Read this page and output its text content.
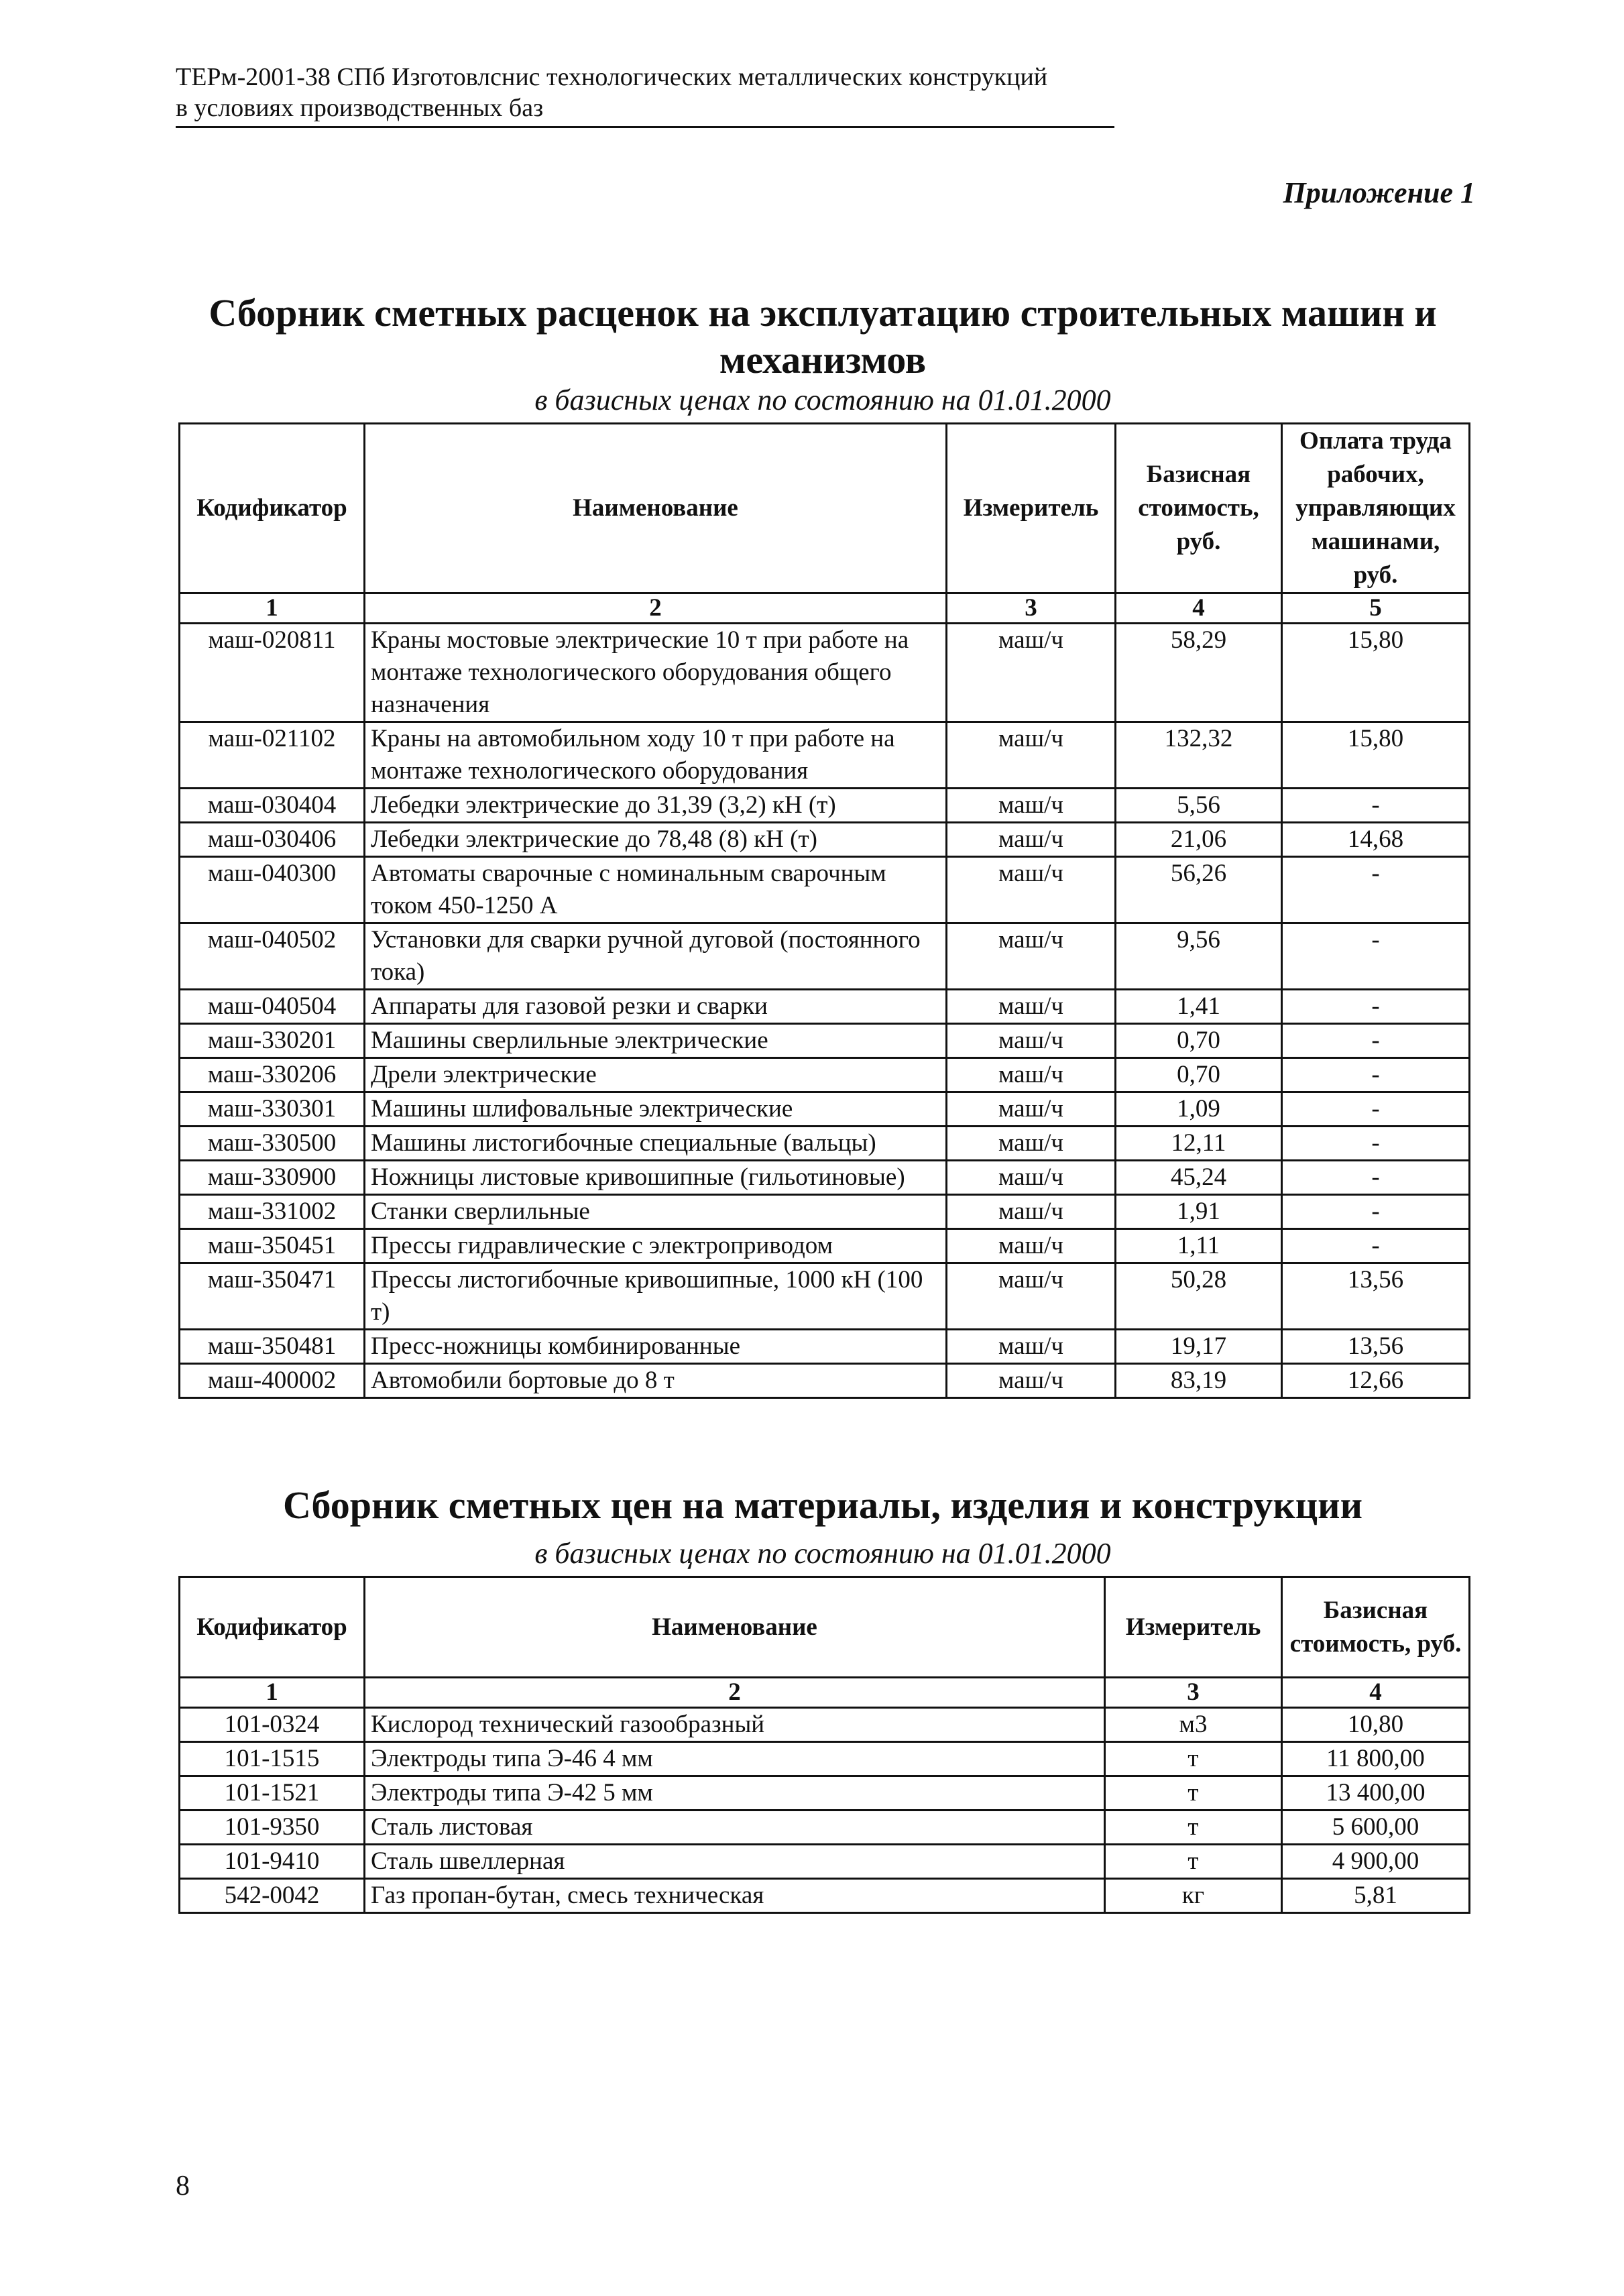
ТЕРм-2001-38 СПб Изготовлснис технологических металлических конструкций
в условиях производственных баз
Приложение 1
Сборник сметных расценок на эксплуатацию строительных машин и
механизмов
в базисных ценах по состоянию на 01.01.2000
Кодификатор	Наименование	Измеритель	Базисная стоимость, руб.	Оплата труда рабочих, управляющих машинами, руб.
1	2	3	4	5
маш-020811	Краны мостовые электрические 10 т при работе на монтаже технологического оборудования общего назначения	маш/ч	58,29	15,80
маш-021102	Краны на автомобильном ходу 10 т при работе на монтаже технологического оборудования	маш/ч	132,32	15,80
маш-030404	Лебедки электрические до 31,39 (3,2) кН (т)	маш/ч	5,56	-
маш-030406	Лебедки электрические до 78,48 (8) кН (т)	маш/ч	21,06	14,68
маш-040300	Автоматы сварочные с номинальным сварочным током 450-1250 А	маш/ч	56,26	-
маш-040502	Установки для сварки ручной дуговой (постоянного тока)	маш/ч	9,56	-
маш-040504	Аппараты для газовой резки и сварки	маш/ч	1,41	-
маш-330201	Машины сверлильные электрические	маш/ч	0,70	-
маш-330206	Дрели электрические	маш/ч	0,70	-
маш-330301	Машины шлифовальные электрические	маш/ч	1,09	-
маш-330500	Машины листогибочные специальные (вальцы)	маш/ч	12,11	-
маш-330900	Ножницы листовые кривошипные (гильотиновые)	маш/ч	45,24	-
маш-331002	Станки сверлильные	маш/ч	1,91	-
маш-350451	Прессы гидравлические с электроприводом	маш/ч	1,11	-
маш-350471	Прессы листогибочные кривошипные, 1000 кН (100 т)	маш/ч	50,28	13,56
маш-350481	Пресс-ножницы комбинированные	маш/ч	19,17	13,56
маш-400002	Автомобили бортовые до 8 т	маш/ч	83,19	12,66
Сборник сметных цен на материалы, изделия и конструкции
в базисных ценах по состоянию на 01.01.2000
Кодификатор	Наименование	Измеритель	Базисная стоимость, руб.
1	2	3	4
101-0324	Кислород технический газообразный	м3	10,80
101-1515	Электроды типа Э-46 4 мм	т	11 800,00
101-1521	Электроды типа Э-42 5 мм	т	13 400,00
101-9350	Сталь листовая	т	5 600,00
101-9410	Сталь швеллерная	т	4 900,00
542-0042	Газ пропан-бутан, смесь техническая	кг	5,81
8
